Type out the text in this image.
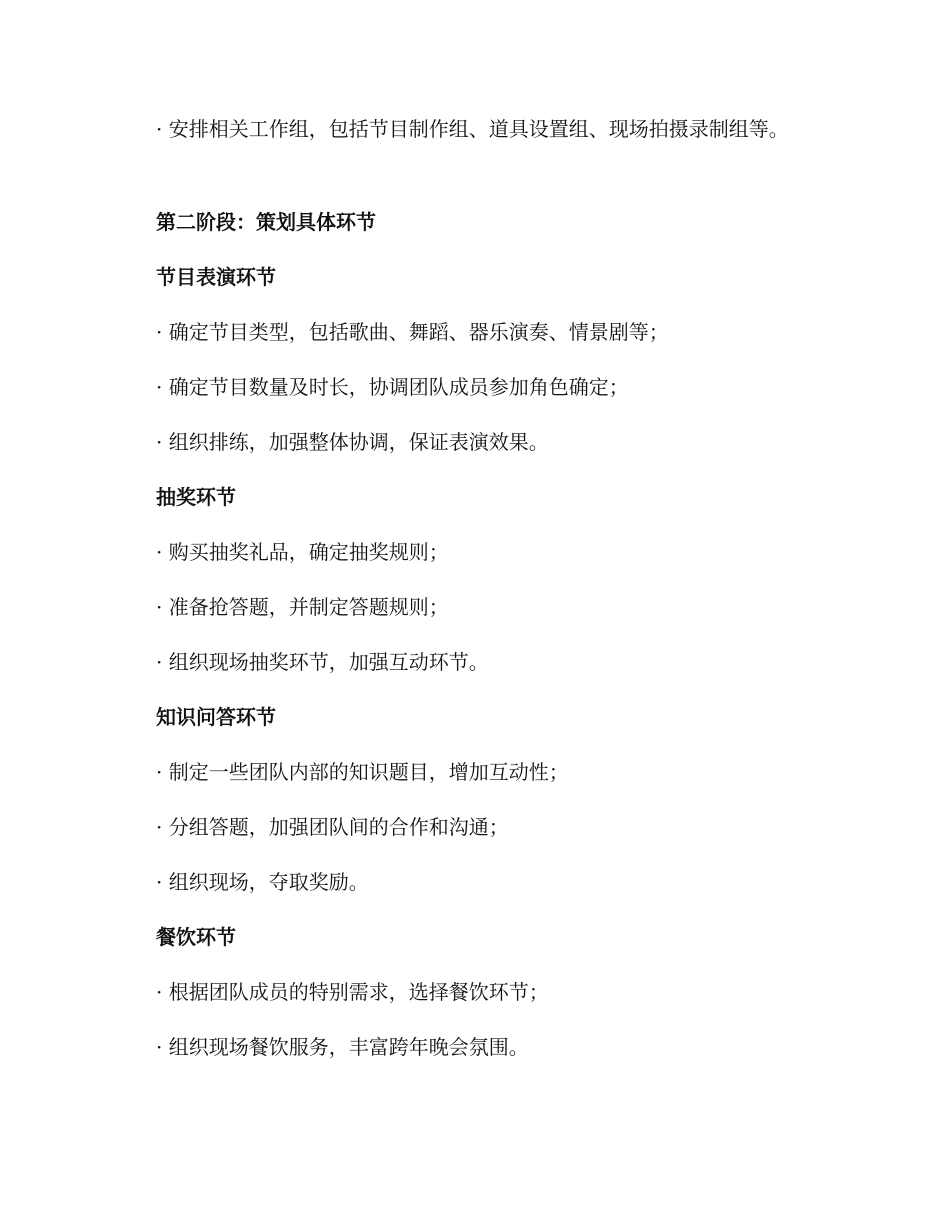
· 安排相关工作组，包括节目制作组、道具设置组、现场拍摄录制组等。

第二阶段：策划具体环节

节目表演环节

· 确定节目类型，包括歌曲、舞蹈、器乐演奏、情景剧等；

· 确定节目数量及时长，协调团队成员参加角色确定；

· 组织排练，加强整体协调，保证表演效果。

抽奖环节

· 购买抽奖礼品，确定抽奖规则；

· 准备抢答题，并制定答题规则；

· 组织现场抽奖环节，加强互动环节。

知识问答环节

· 制定一些团队内部的知识题目，增加互动性；

· 分组答题，加强团队间的合作和沟通；

· 组织现场，夺取奖励。

餐饮环节

· 根据团队成员的特别需求，选择餐饮环节；

· 组织现场餐饮服务，丰富跨年晚会氛围。
